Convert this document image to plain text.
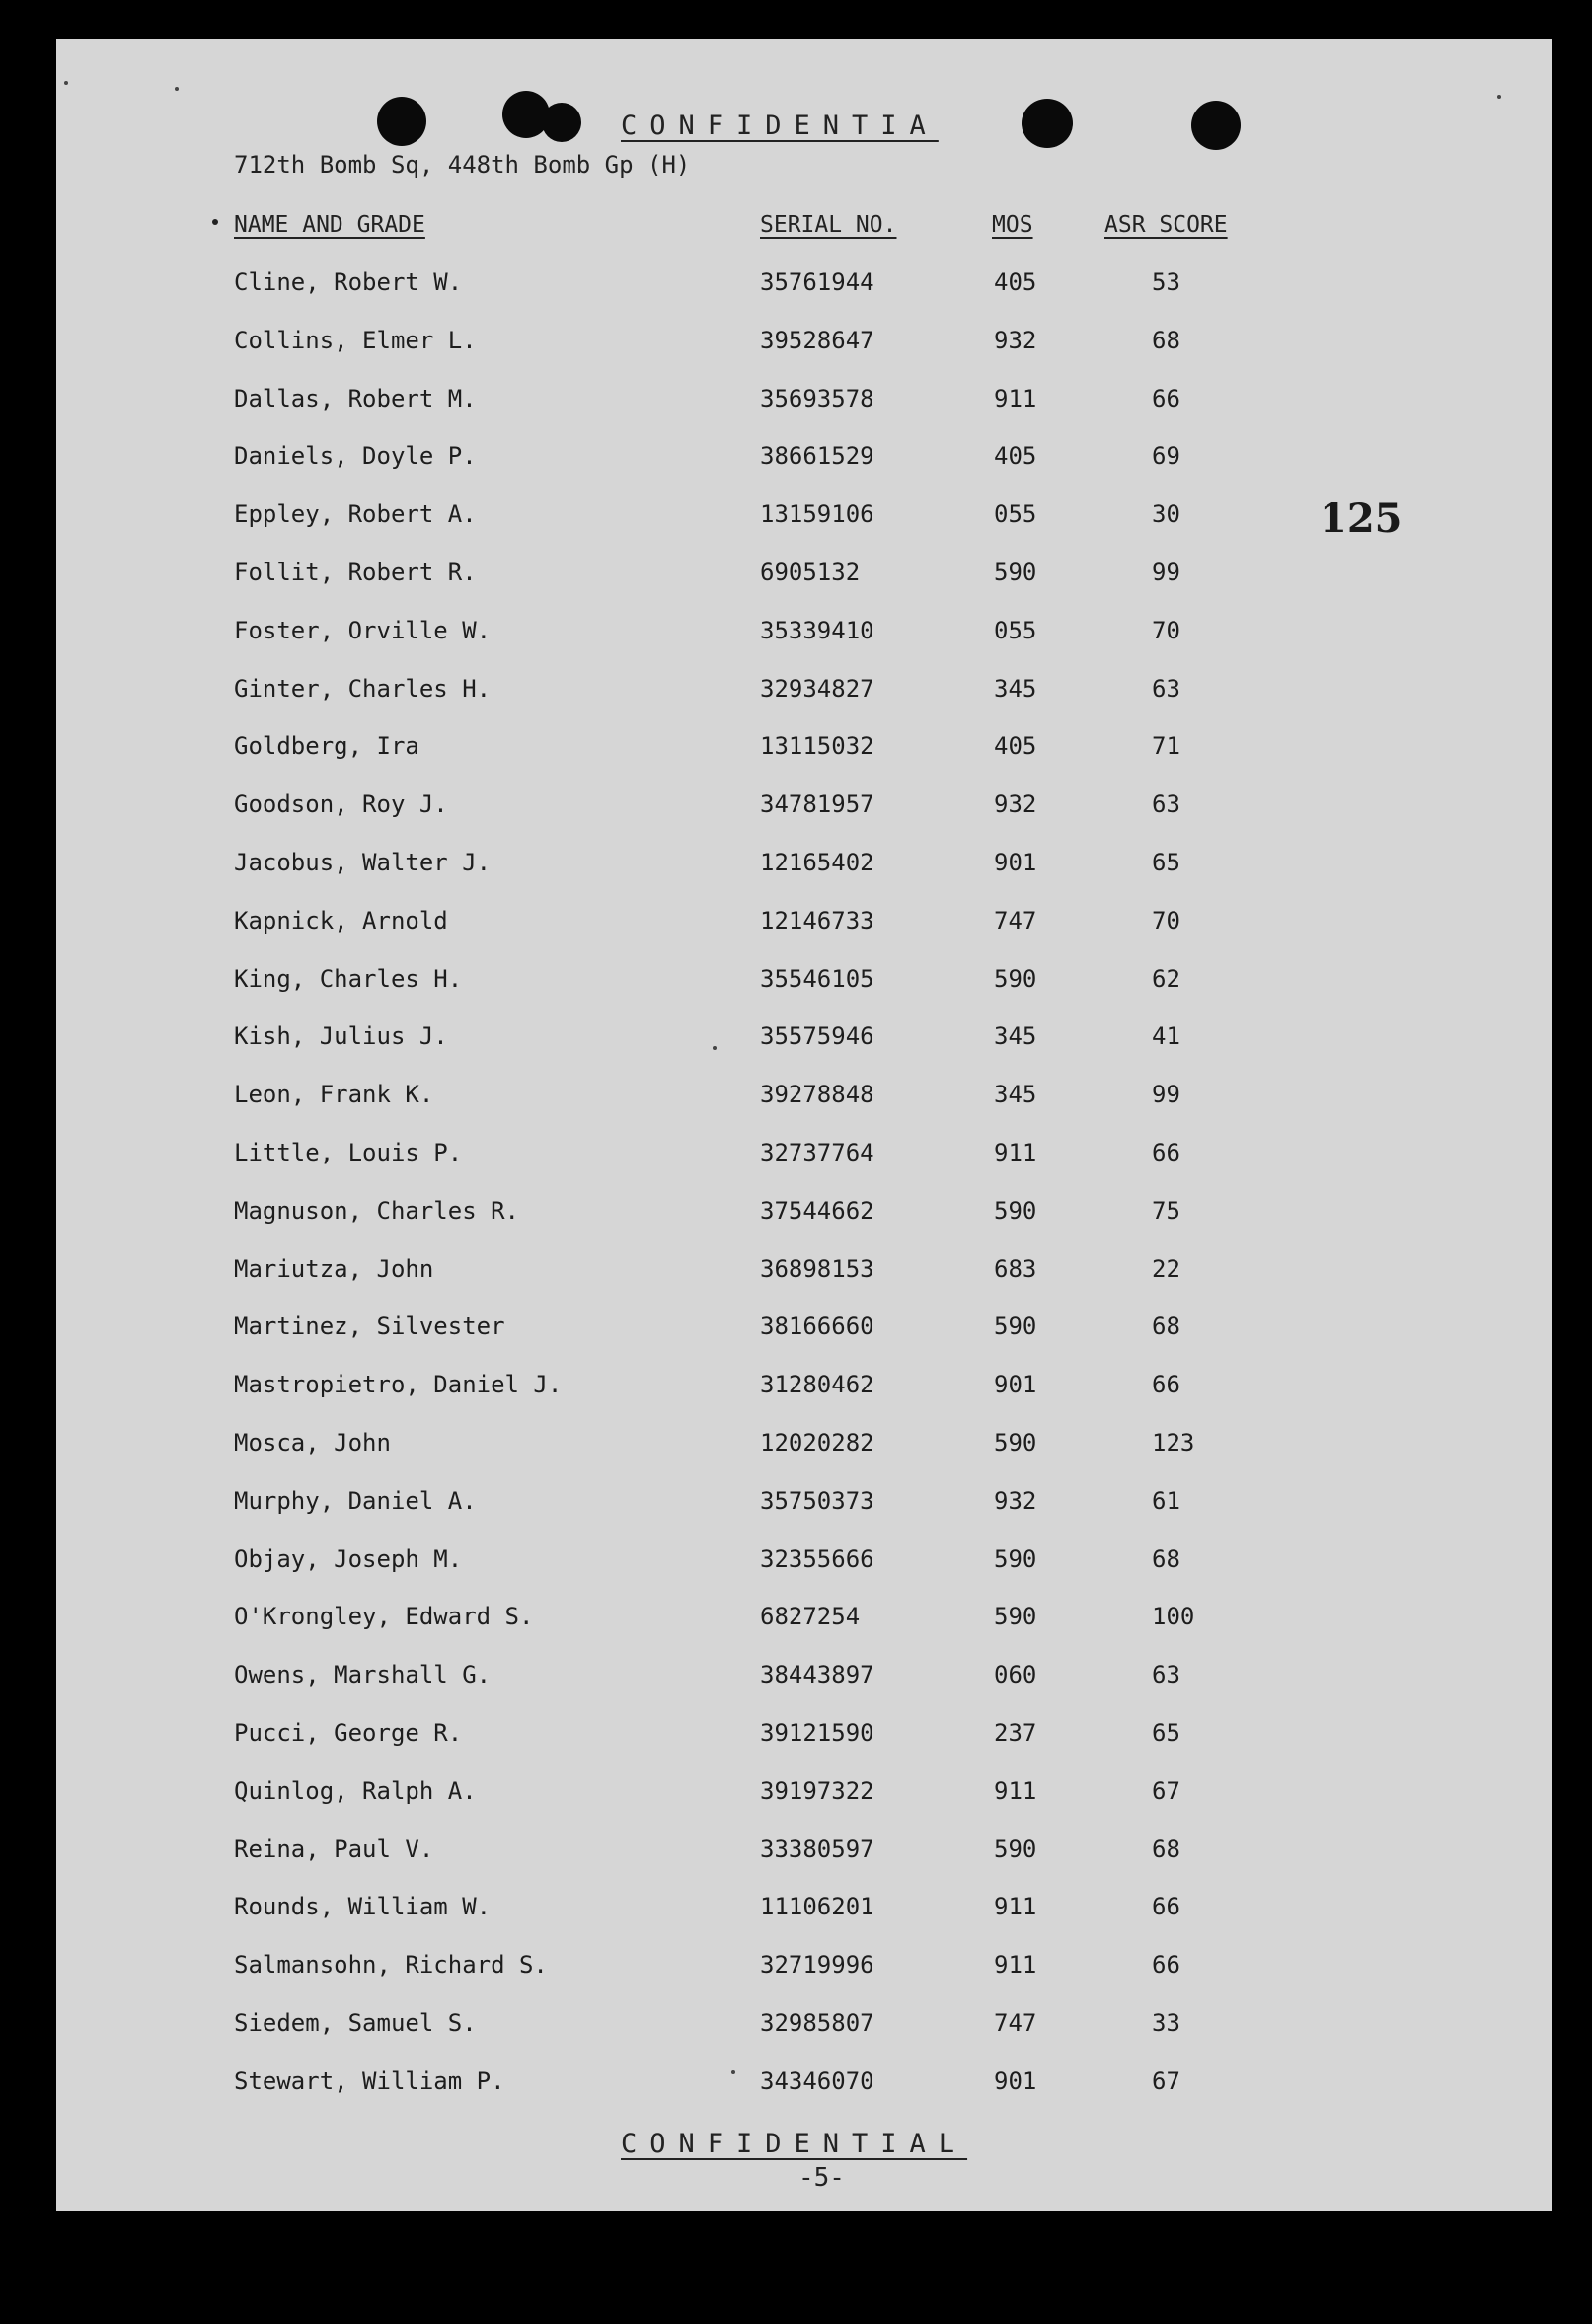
CONFIDENTIA
712th Bomb Sq, 448th Bomb Gp (H)
125
NAME AND GRADE	SERIAL NO.	MOS	ASR SCORE
Cline, Robert W.	35761944	405	53
Collins, Elmer L.	39528647	932	68
Dallas, Robert M.	35693578	911	66
Daniels, Doyle P.	38661529	405	69
Eppley, Robert A.	13159106	055	30
Follit, Robert R.	6905132	590	99
Foster, Orville W.	35339410	055	70
Ginter, Charles H.	32934827	345	63
Goldberg, Ira	13115032	405	71
Goodson, Roy J.	34781957	932	63
Jacobus, Walter J.	12165402	901	65
Kapnick, Arnold	12146733	747	70
King, Charles H.	35546105	590	62
Kish, Julius J.	35575946	345	41
Leon, Frank K.	39278848	345	99
Little, Louis P.	32737764	911	66
Magnuson, Charles R.	37544662	590	75
Mariutza, John	36898153	683	22
Martinez, Silvester	38166660	590	68
Mastropietro, Daniel J.	31280462	901	66
Mosca, John	12020282	590	123
Murphy, Daniel A.	35750373	932	61
Objay, Joseph M.	32355666	590	68
O'Krongley, Edward S.	6827254	590	100
Owens, Marshall G.	38443897	060	63
Pucci, George R.	39121590	237	65
Quinlog, Ralph A.	39197322	911	67
Reina, Paul V.	33380597	590	68
Rounds, William W.	11106201	911	66
Salmansohn, Richard S.	32719996	911	66
Siedem, Samuel S.	32985807	747	33
Stewart, William P.	34346070	901	67
CONFIDENTIAL
-5-
